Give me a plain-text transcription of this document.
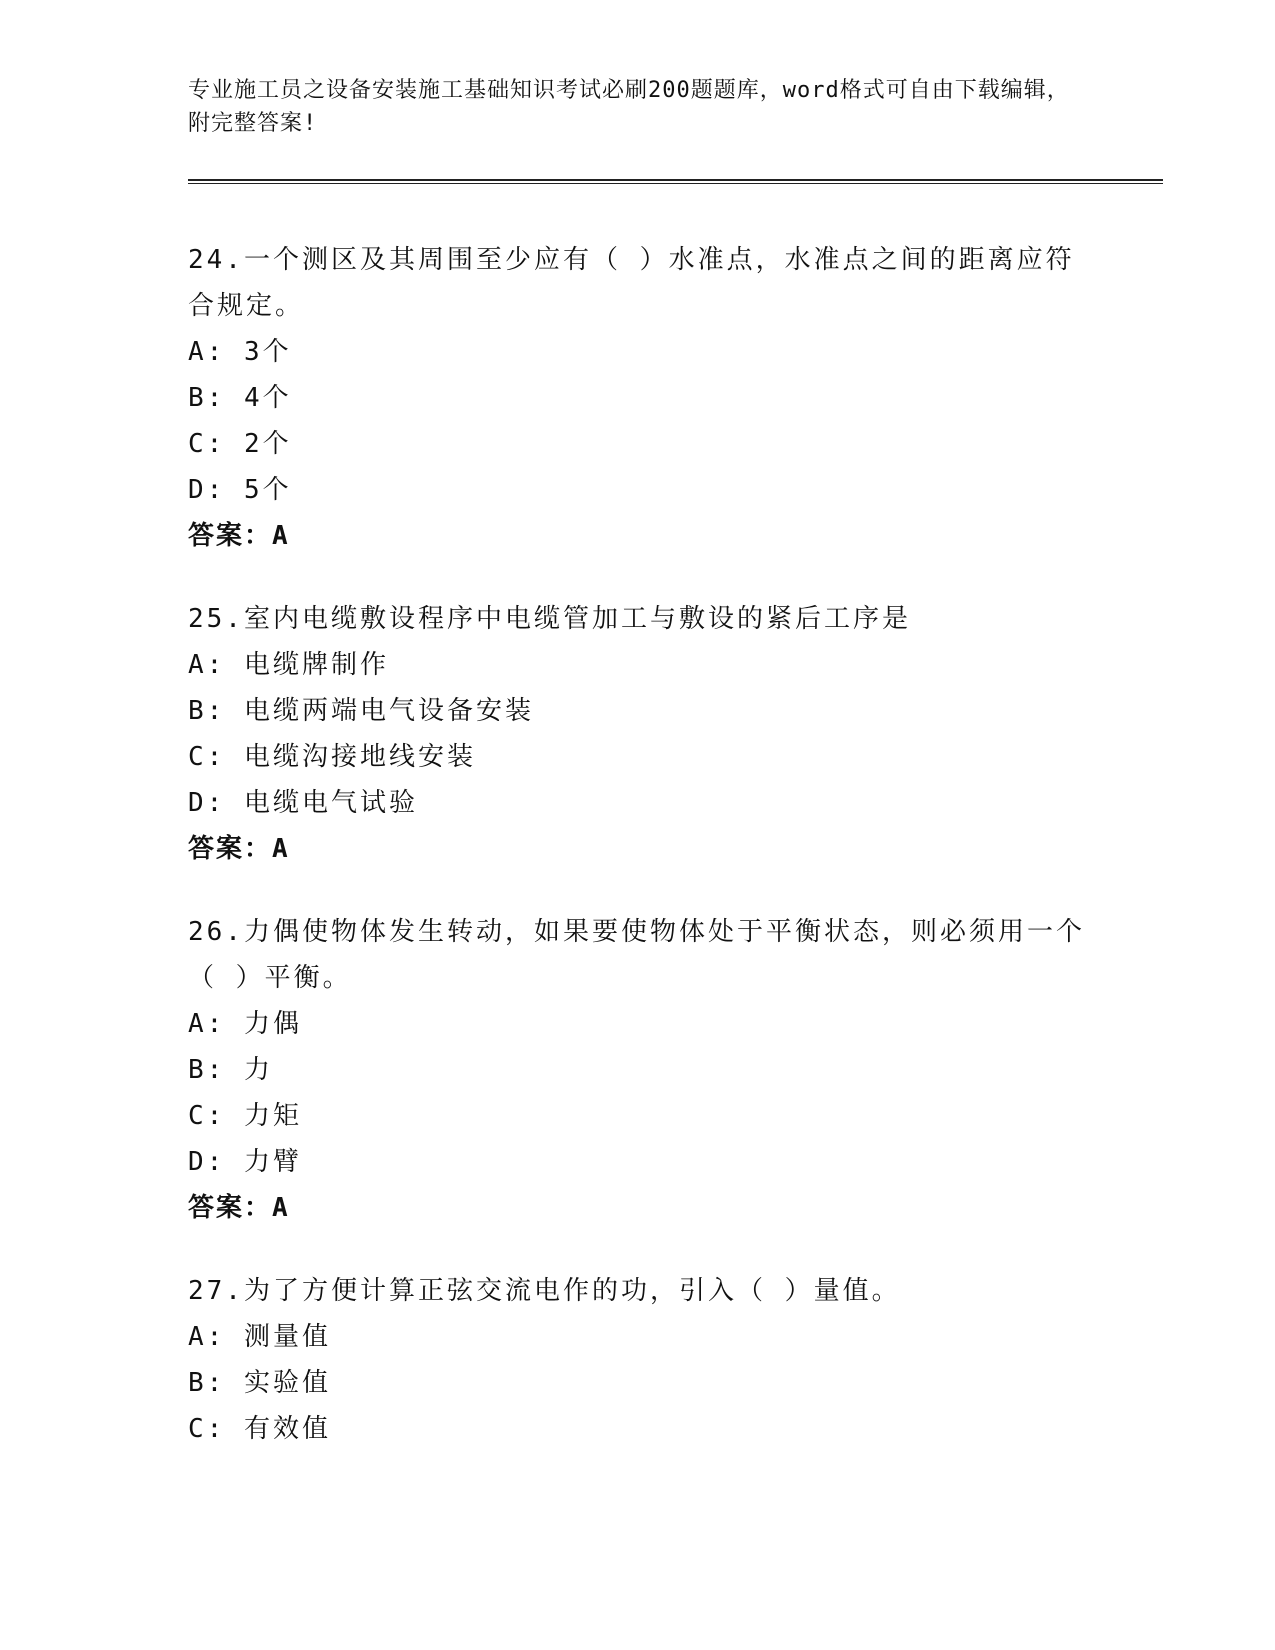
专业施工员之设备安装施工基础知识考试必刷200题题库，word格式可自由下载编辑，附完整答案!

24.一个测区及其周围至少应有（ ）水准点，水准点之间的距离应符合规定。

A: 3个

B: 4个

C: 2个

D: 5个

答案：A

25.室内电缆敷设程序中电缆管加工与敷设的紧后工序是

A: 电缆牌制作

B: 电缆两端电气设备安装

C: 电缆沟接地线安装

D: 电缆电气试验

答案：A

26.力偶使物体发生转动，如果要使物体处于平衡状态，则必须用一个（ ）平衡。

A: 力偶

B: 力

C: 力矩

D: 力臂

答案：A

27.为了方便计算正弦交流电作的功，引入（ ）量值。

A: 测量值

B: 实验值

C: 有效值
